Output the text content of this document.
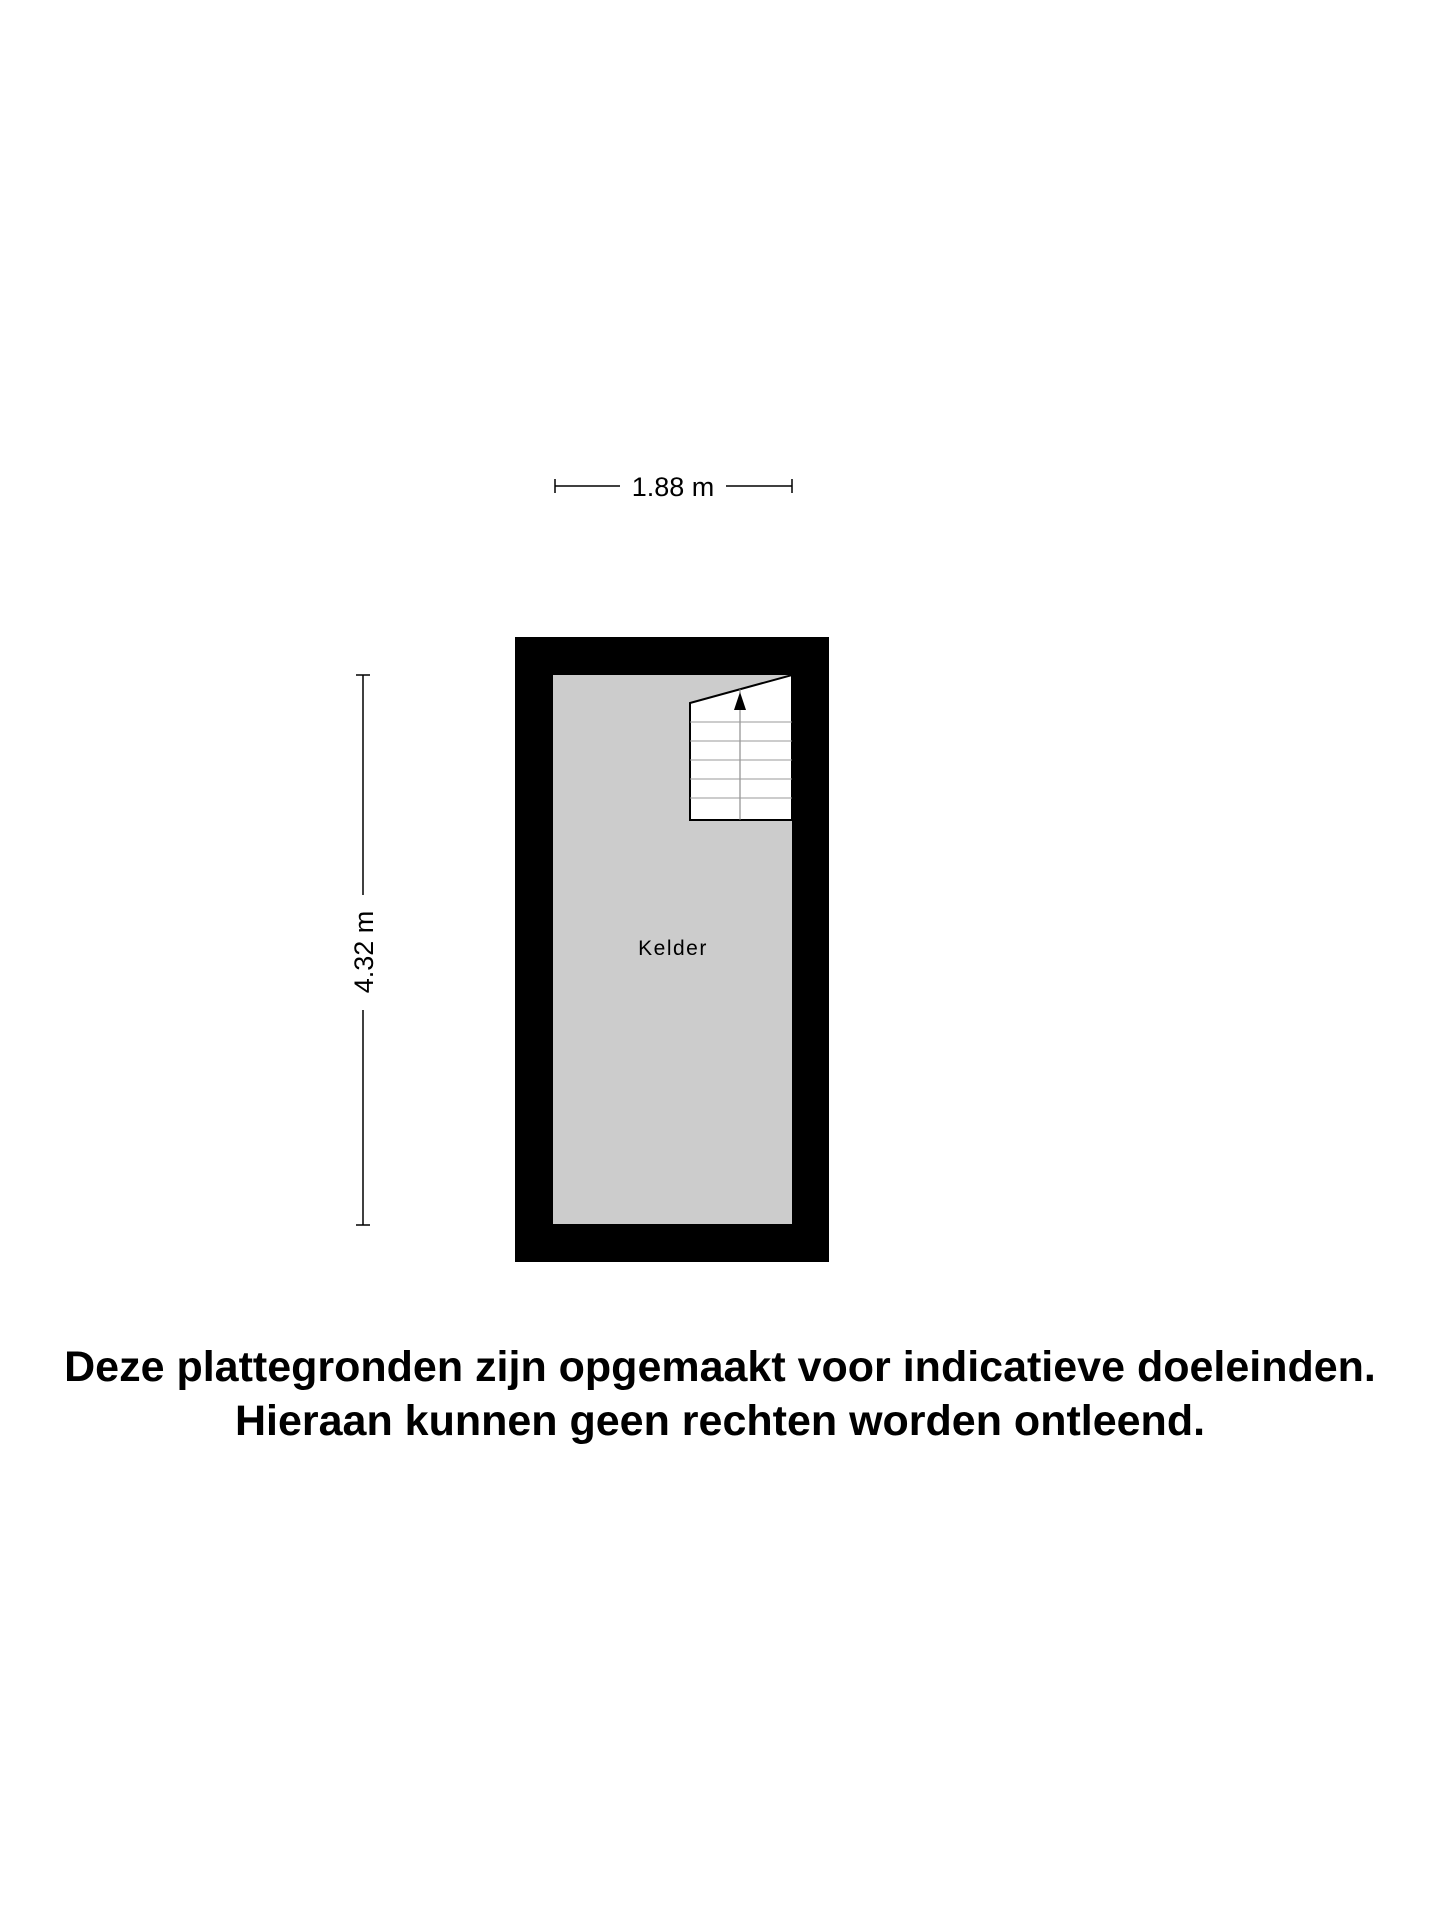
1.88 m
4.32 m	Kelder
Deze plattegronden zijn opgemaakt voor indicatieve doeleinden.
Hieraan kunnen geen rechten worden ontleend.
